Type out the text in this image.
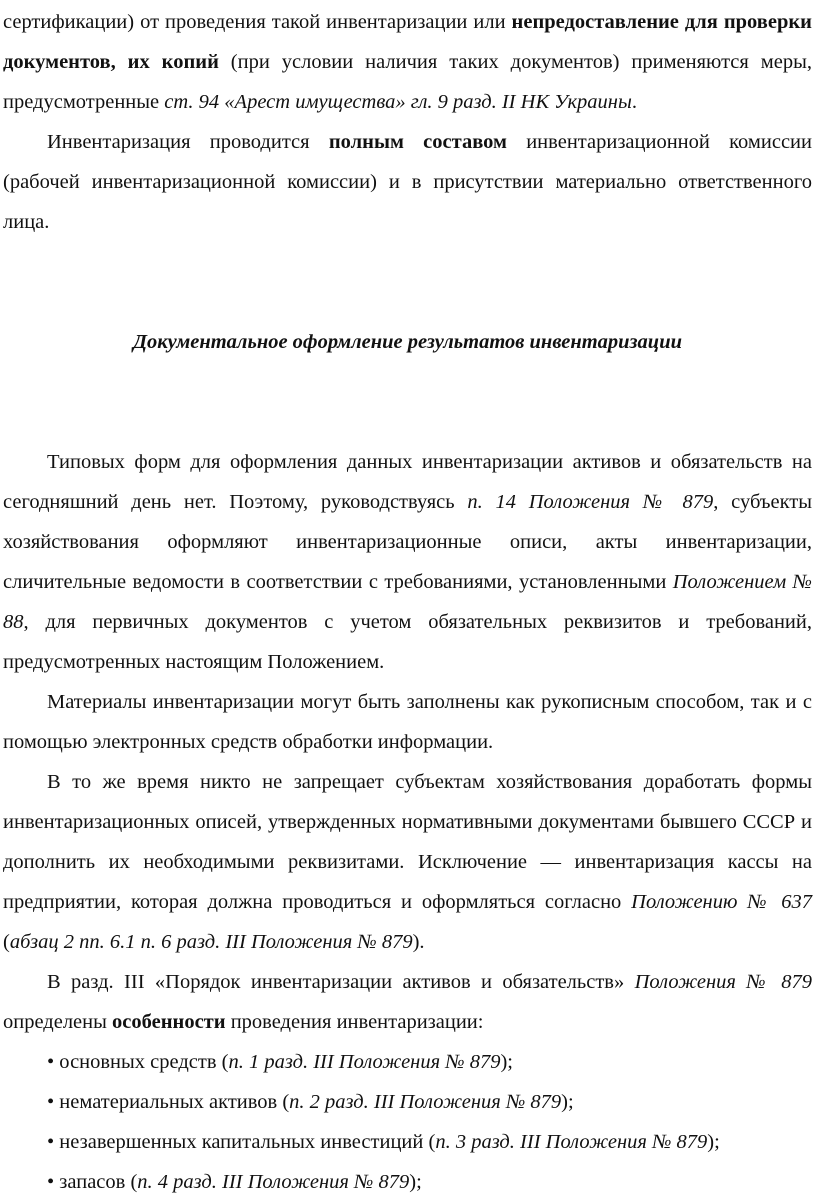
сертификации) от проведения такой инвентаризации или непредоставление для проверки документов, их копий (при условии наличия таких документов) применяются меры, предусмотренные ст. 94 «Арест имущества» гл. 9 разд. II НК Украины.

Инвентаризация проводится полным составом инвентаризационной комиссии (рабочей инвентаризационной комиссии) и в присутствии материально ответственного лица.

Документальное оформление результатов инвентаризации

Типовых форм для оформления данных инвентаризации активов и обязательств на сегодняшний день нет. Поэтому, руководствуясь п. 14 Положения № 879, субъекты хозяйствования оформляют инвентаризационные описи, акты инвентаризации, сличительные ведомости в соответствии с требованиями, установленными Положением № 88, для первичных документов с учетом обязательных реквизитов и требований, предусмотренных настоящим Положением.

Материалы инвентаризации могут быть заполнены как рукописным способом, так и с помощью электронных средств обработки информации.

В то же время никто не запрещает субъектам хозяйствования доработать формы инвентаризационных описей, утвержденных нормативными документами бывшего СССР и дополнить их необходимыми реквизитами. Исключение — инвентаризация кассы на предприятии, которая должна проводиться и оформляться согласно Положению № 637 (абзац 2 пп. 6.1 п. 6 разд. III Положения № 879).

В разд. III «Порядок инвентаризации активов и обязательств» Положения № 879 определены особенности проведения инвентаризации:

• основных средств (п. 1 разд. III Положения № 879);

• нематериальных активов (п. 2 разд. III Положения № 879);

• незавершенных капитальных инвестиций (п. 3 разд. III Положения № 879);

• запасов (п. 4 разд. III Положения № 879);
